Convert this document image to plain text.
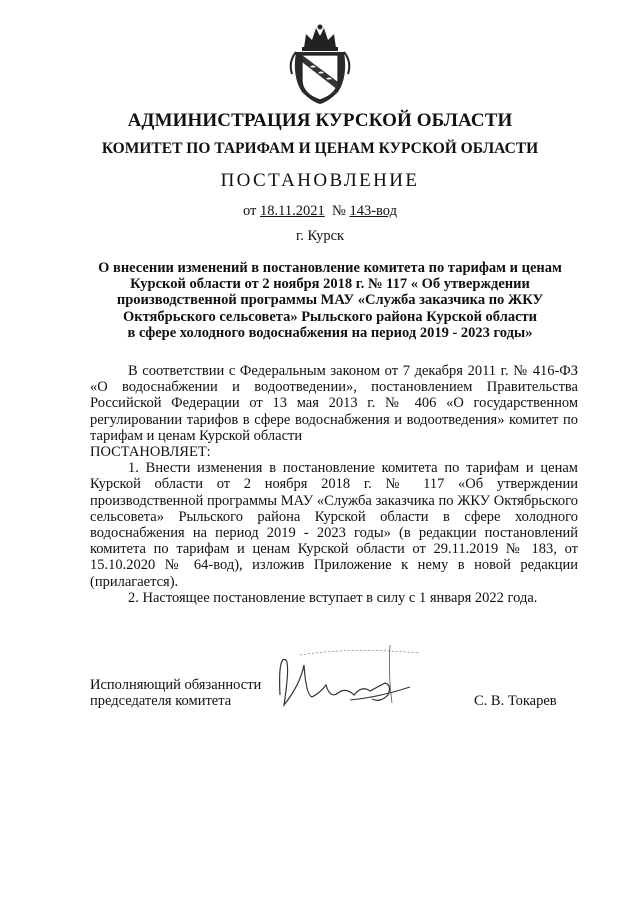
АДМИНИСТРАЦИЯ КУРСКОЙ ОБЛАСТИ
КОМИТЕТ ПО ТАРИФАМ И ЦЕНАМ КУРСКОЙ ОБЛАСТИ
ПОСТАНОВЛЕНИЕ
от 18.11.2021 № 143-вод
г. Курск
О внесении изменений в постановление комитета по тарифам и ценам
Курской области от 2 ноября 2018 г. № 117 « Об утверждении
производственной программы МАУ «Служба заказчика по ЖКУ
Октябрьского сельсовета» Рыльского района Курской области
в сфере холодного водоснабжения на период 2019 - 2023 годы»

В соответствии с Федеральным законом от 7 декабря 2011 г. № 416-ФЗ «О водоснабжении и водоотведении», постановлением Правительства Российской Федерации от 13 мая 2013 г. № 406 «О государственном регулировании тарифов в сфере водоснабжения и водоотведения» комитет по тарифам и ценам Курской области

ПОСТАНОВЛЯЕТ:

1. Внести изменения в постановление комитета по тарифам и ценам Курской области от 2 ноября 2018 г. № 117 «Об утверждении производственной программы МАУ «Служба заказчика по ЖКУ Октябрьского сельсовета» Рыльского района Курской области в сфере холодного водоснабжения на период 2019 - 2023 годы» (в редакции постановлений комитета по тарифам и ценам Курской области от 29.11.2019 № 183, от 15.10.2020 № 64-вод), изложив Приложение к нему в новой редакции (прилагается).

2. Настоящее постановление вступает в силу с 1 января 2022 года.

Исполняющий обязанности
председателя комитета	С. В. Токарев
